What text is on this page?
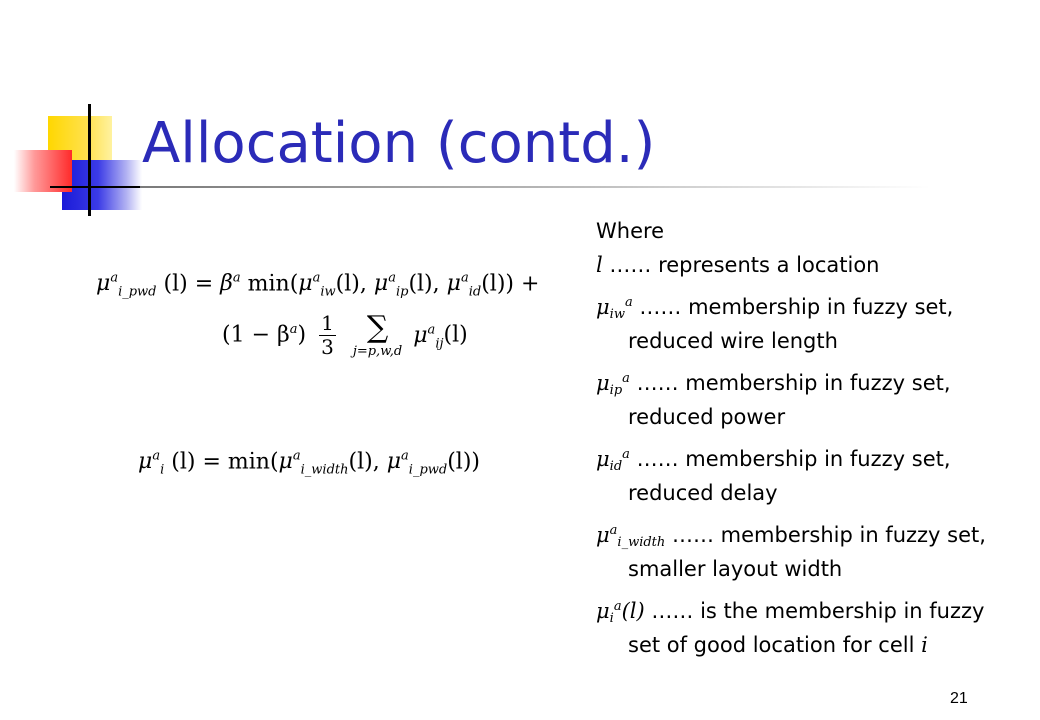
Allocation (contd.)
$\mu^a_{i\_pwd}$ $(l) = \beta^a$ $\min(\mu^a_{iw}(l)$, $\mu^a_{ip}(l)$, $\mu^a_{id}(l)$) +
$(1 - \beta^a) \frac{1}{3}$
	∑
j=p,w,d
$\mu^a_{ij}(l)$
$\mu^a_i$ $(l) = \min(\mu^a_{i\_width}(l)$, $\mu^a_{i\_pwd}(l)$)
Where
l …… represents a location
μiw$^a$ …… membership in fuzzy set, reduced wire length
μip$^a$ …… membership in fuzzy set, reduced power
μid$^a$ …… membership in fuzzy set, reduced delay
$\mu^ai\_width$ …… membership in fuzzy set, smaller layout width
$\mu i^a(l)$ …… is the membership in fuzzy set of good location for cell i
21
